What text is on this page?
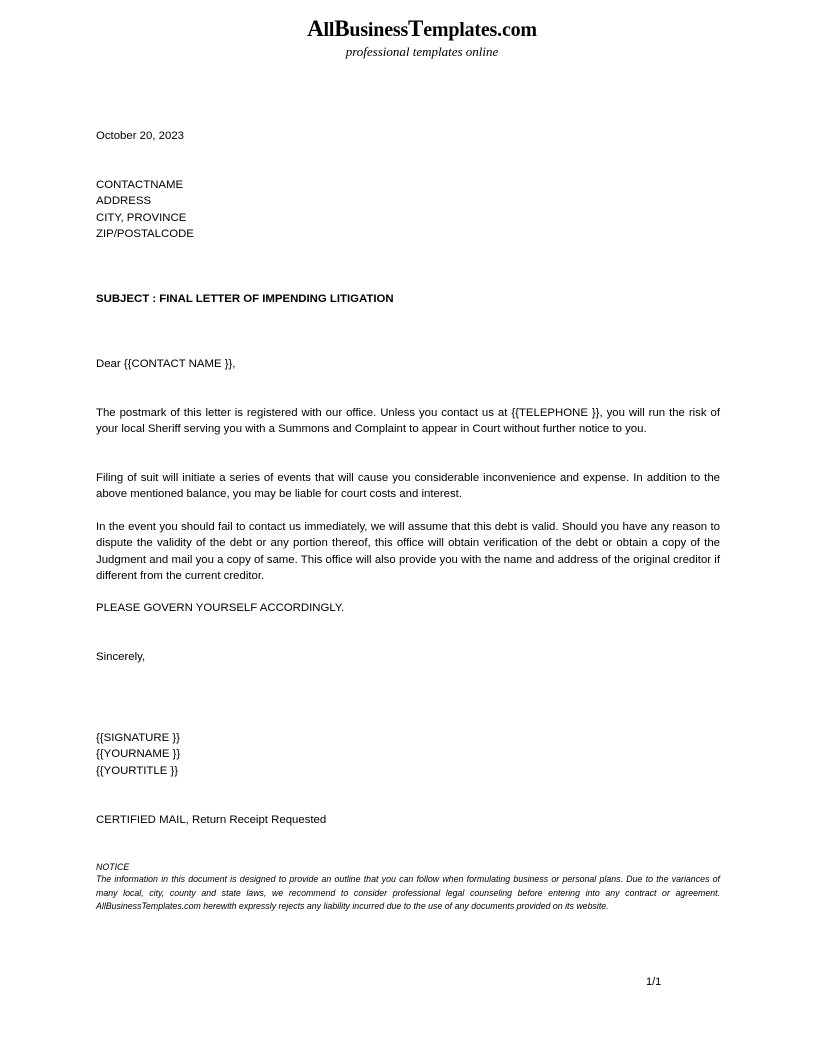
AllBusinessTemplates.com
professional templates online
October 20, 2023
CONTACTNAME
ADDRESS
CITY, PROVINCE
ZIP/POSTALCODE
SUBJECT : FINAL LETTER OF IMPENDING LITIGATION
Dear {{CONTACT NAME }},
The postmark of this letter is registered with our office. Unless you contact us at {{TELEPHONE }}, you will run the risk of your local Sheriff serving you with a Summons and Complaint to appear in Court without further notice to you.
Filing of suit will initiate a series of events that will cause you considerable inconvenience and expense. In addition to the above mentioned balance, you may be liable for court costs and interest.
In the event you should fail to contact us immediately, we will assume that this debt is valid. Should you have any reason to dispute the validity of the debt or any portion thereof, this office will obtain verification of the debt or obtain a copy of the Judgment and mail you a copy of same. This office will also provide you with the name and address of the original creditor if different from the current creditor.
PLEASE GOVERN YOURSELF ACCORDINGLY.
Sincerely,
{{SIGNATURE }}
{{YOURNAME }}
{{YOURTITLE }}
CERTIFIED MAIL, Return Receipt Requested
NOTICE
The information in this document is designed to provide an outline that you can follow when formulating business or personal plans. Due to the variances of many local, city, county and state laws, we recommend to consider professional legal counseling before entering into any contract or agreement. AllBusinessTemplates.com herewith expressly rejects any liability incurred due to the use of any documents provided on its website.
1/1
